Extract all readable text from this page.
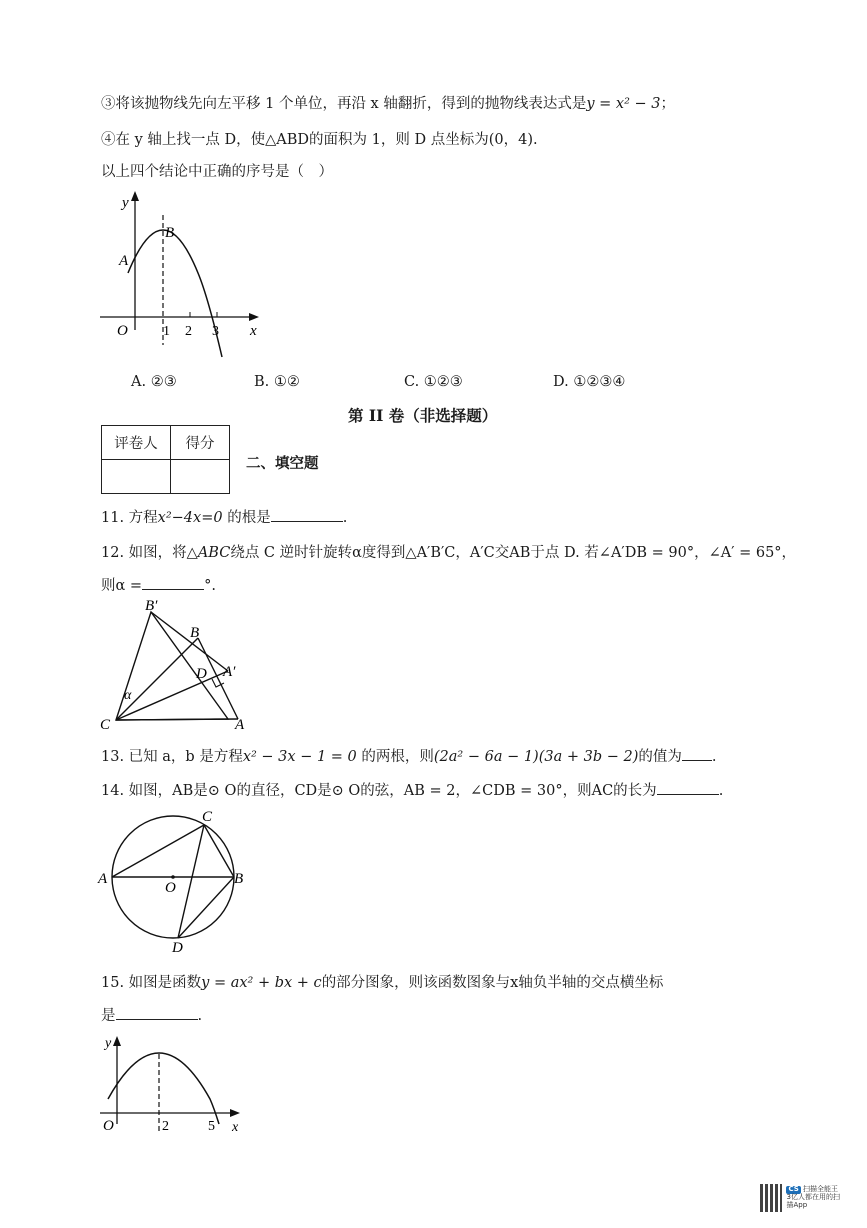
③将该抛物线先向左平移 1 个单位，再沿 x 轴翻折，得到的抛物线表达式是y = x² − 3；
④在 y 轴上找一点 D，使△ABD的面积为 1，则 D 点坐标为(0，4).
以上四个结论中正确的序号是（　）
y
x
O
A
B
1 2 3
A. ②③	B. ①②	C. ①②③	D. ①②③④
第 II 卷（非选择题）
评卷人	得分

二、填空题
11. 方程x²−4x=0 的根是	.
12. 如图，将△ABC绕点 C 逆时针旋转α度得到△A′B′C，A′C交AB于点 D. 若∠A′DB = 90°，∠A′ = 65°，
则α =	°.
B′
B
D A′
α
C	A
13. 已知 a，b 是方程x² − 3x − 1 = 0 的两根，则(2a² − 6a − 1)(3a + 3b − 2)的值为 .
14. 如图，AB是⊙ O的直径，CD是⊙ O的弦，AB = 2，∠CDB = 30°，则AC的长为	.
C
A
O
B
D
15. 如图是函数y = ax² + bx + c的部分图象，则该函数图象与x轴负半轴的交点横坐标
是	.
y
x
O	2	5
CS 扫描全能王
3亿人都在用的扫描App
